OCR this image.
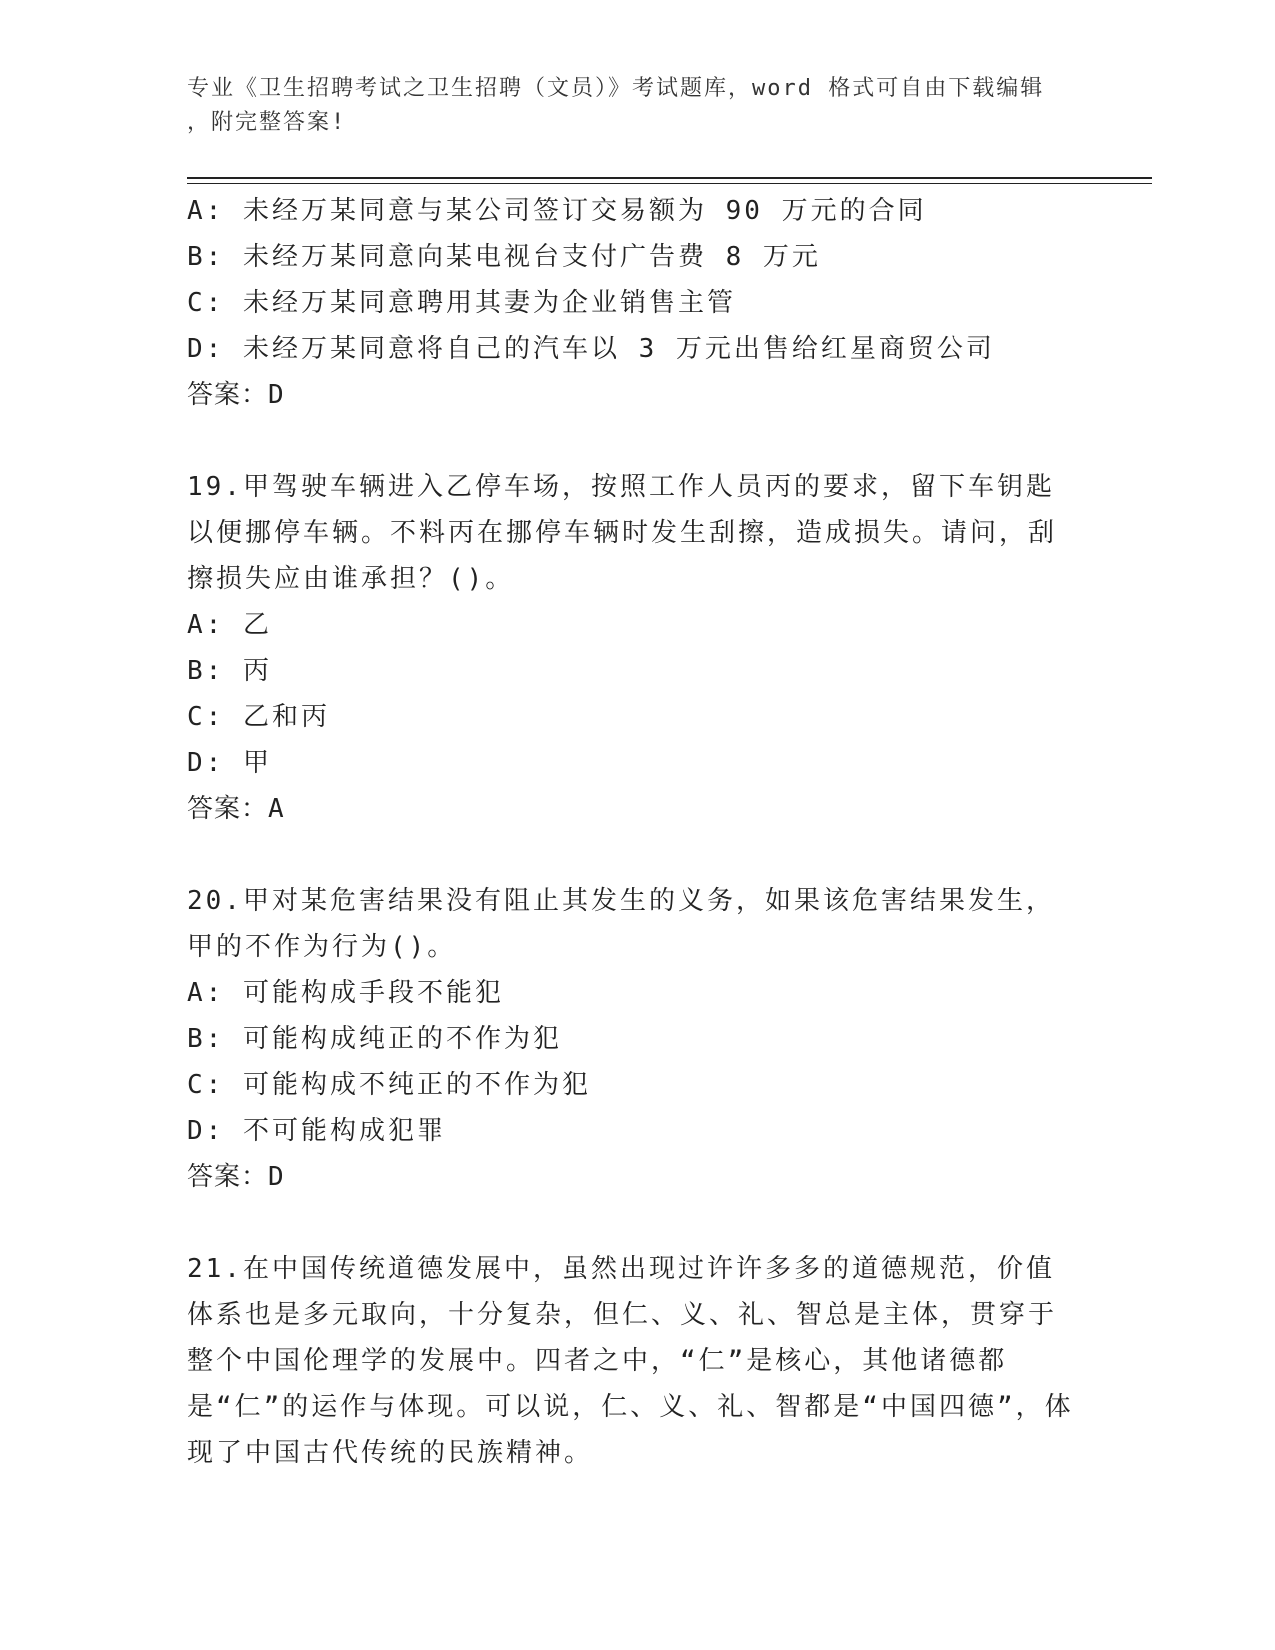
专业《卫生招聘考试之卫生招聘（文员）》考试题库，word 格式可自由下载编辑
，附完整答案!
A: 未经万某同意与某公司签订交易额为 90 万元的合同
B: 未经万某同意向某电视台支付广告费 8 万元
C: 未经万某同意聘用其妻为企业销售主管
D: 未经万某同意将自己的汽车以 3 万元出售给红星商贸公司
答案：D
19.甲驾驶车辆进入乙停车场，按照工作人员丙的要求，留下车钥匙以便挪停车辆。不料丙在挪停车辆时发生刮擦，造成损失。请问，刮擦损失应由谁承担？()。
A: 乙
B: 丙
C: 乙和丙
D: 甲
答案：A
20.甲对某危害结果没有阻止其发生的义务，如果该危害结果发生，甲的不作为行为()。
A: 可能构成手段不能犯
B: 可能构成纯正的不作为犯
C: 可能构成不纯正的不作为犯
D: 不可能构成犯罪
答案：D
21.在中国传统道德发展中，虽然出现过许许多多的道德规范，价值体系也是多元取向，十分复杂，但仁、义、礼、智总是主体，贯穿于整个中国伦理学的发展中。四者之中，“仁”是核心，其他诸德都是“仁”的运作与体现。可以说，仁、义、礼、智都是“中国四德”，体现了中国古代传统的民族精神。
